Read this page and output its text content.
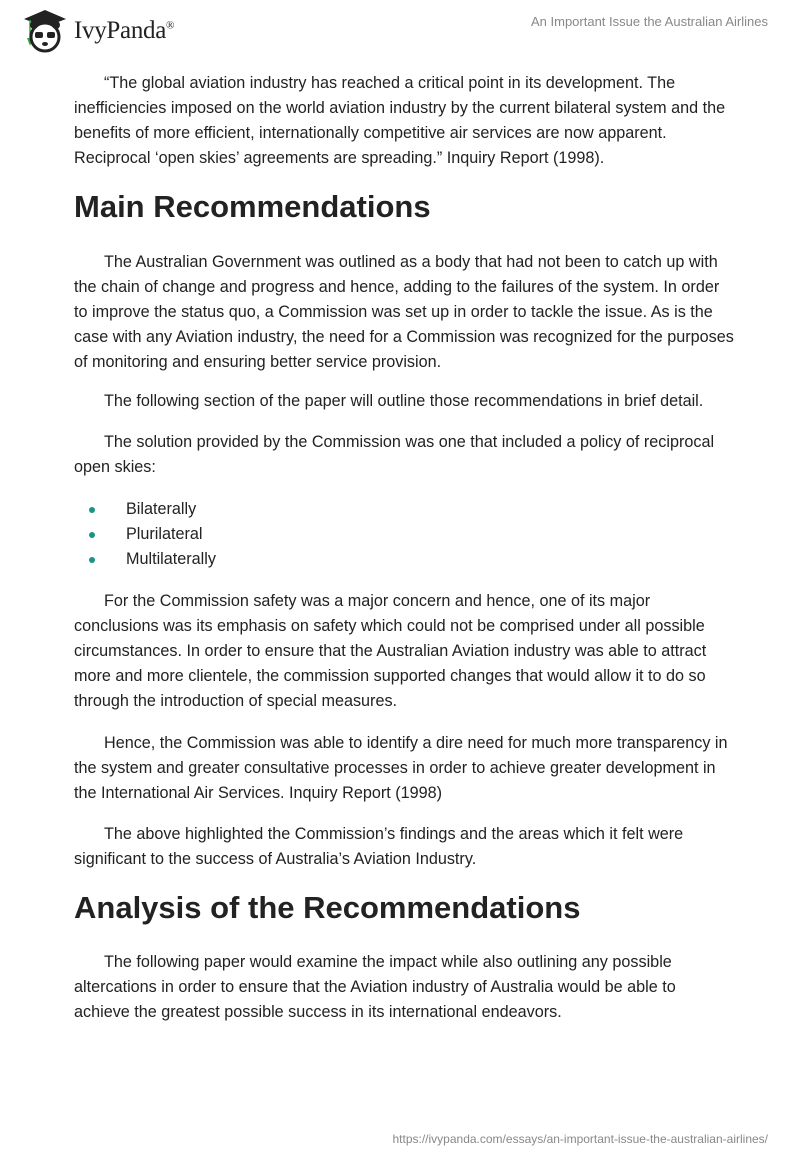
IvyPanda®	An Important Issue the Australian Airlines

“The global aviation industry has reached a critical point in its development. The inefficiencies imposed on the world aviation industry by the current bilateral system and the benefits of more efficient, internationally competitive air services are now apparent. Reciprocal ‘open skies’ agreements are spreading.” Inquiry Report (1998).

Main Recommendations

The Australian Government was outlined as a body that had not been to catch up with the chain of change and progress and hence, adding to the failures of the system. In order to improve the status quo, a Commission was set up in order to tackle the issue. As is the case with any Aviation industry, the need for a Commission was recognized for the purposes of monitoring and ensuring better service provision.

The following section of the paper will outline those recommendations in brief detail.

The solution provided by the Commission was one that included a policy of reciprocal open skies:

Bilaterally
Plurilateral
Multilaterally

For the Commission safety was a major concern and hence, one of its major conclusions was its emphasis on safety which could not be comprised under all possible circumstances. In order to ensure that the Australian Aviation industry was able to attract more and more clientele, the commission supported changes that would allow it to do so through the introduction of special measures.

Hence, the Commission was able to identify a dire need for much more transparency in the system and greater consultative processes in order to achieve greater development in the International Air Services. Inquiry Report (1998)

The above highlighted the Commission’s findings and the areas which it felt were significant to the success of Australia’s Aviation Industry.

Analysis of the Recommendations

The following paper would examine the impact while also outlining any possible altercations in order to ensure that the Aviation industry of Australia would be able to achieve the greatest possible success in its international endeavors.

https://ivypanda.com/essays/an-important-issue-the-australian-airlines/
